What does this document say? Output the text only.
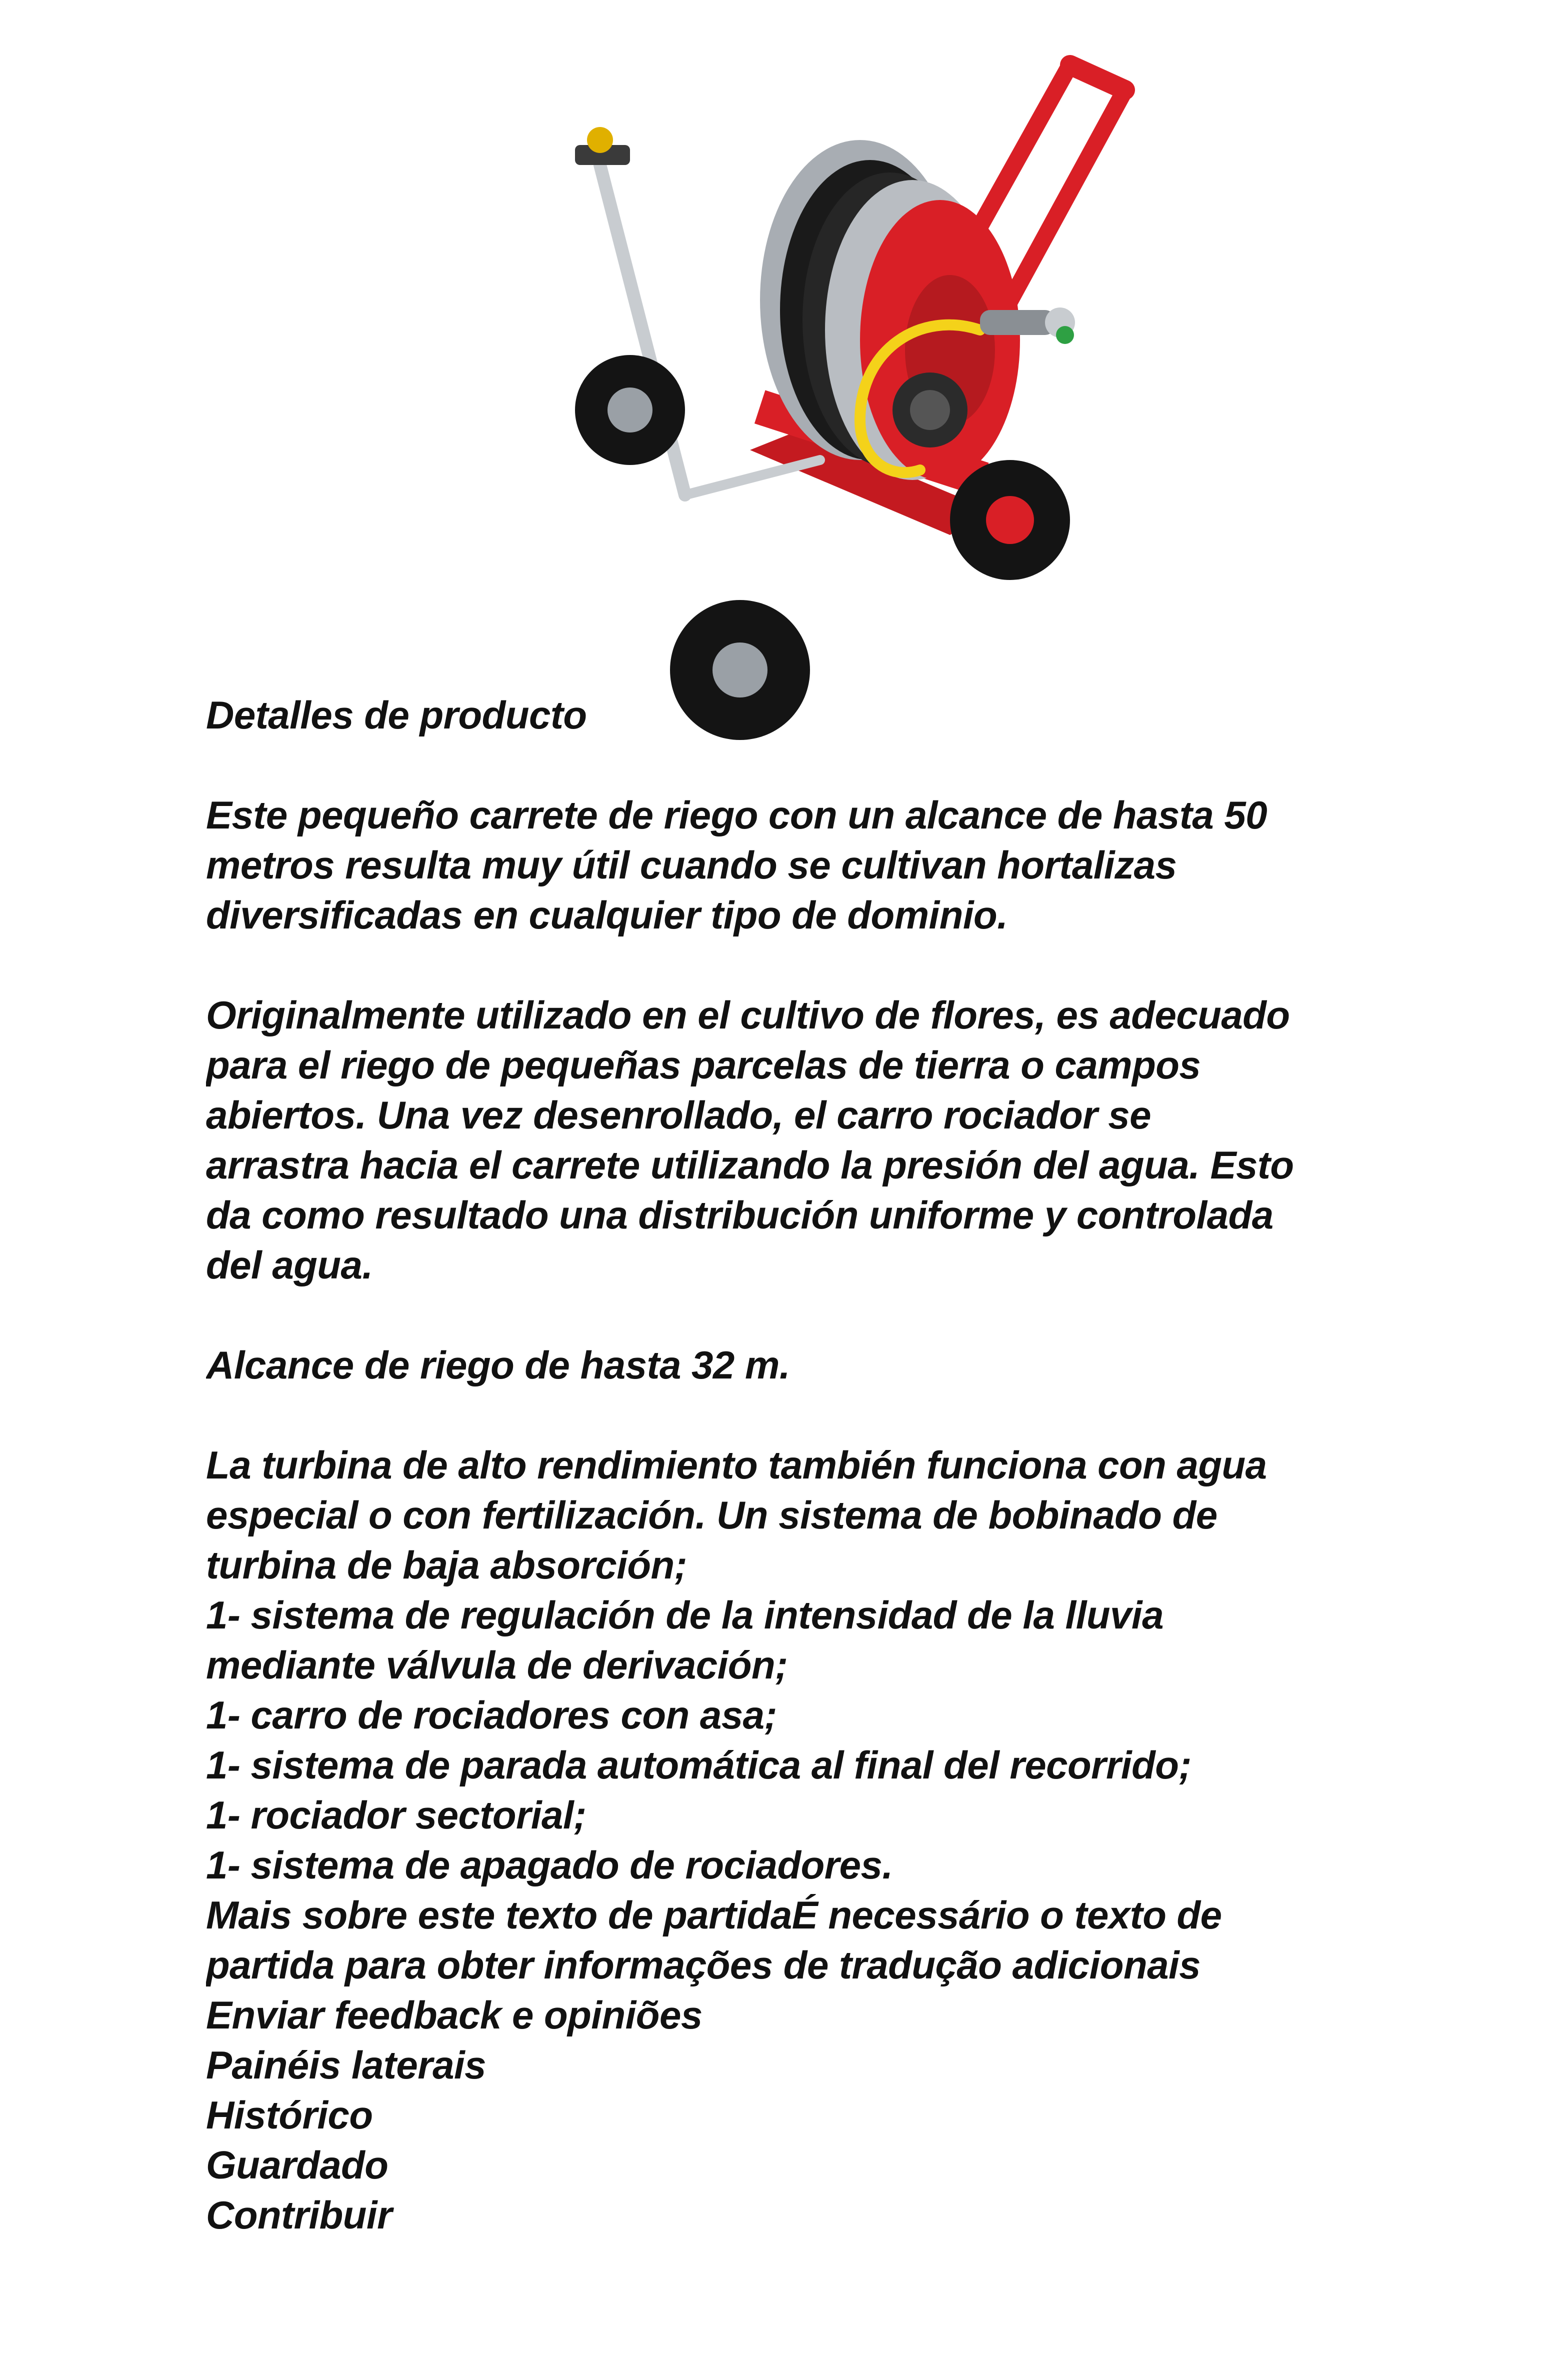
Detalles de producto

Este pequeño carrete de riego con un alcance de hasta 50
metros resulta muy útil cuando se cultivan hortalizas
diversificadas en cualquier tipo de dominio.

Originalmente utilizado en el cultivo de flores, es adecuado
para el riego de pequeñas parcelas de tierra o campos
abiertos. Una vez desenrollado, el carro rociador se
arrastra hacia el carrete utilizando la presión del agua. Esto
da como resultado una distribución uniforme y controlada
del agua.

Alcance de riego de hasta 32 m.

La turbina de alto rendimiento también funciona con agua
especial o con fertilización. Un sistema de bobinado de
turbina de baja absorción;
1- sistema de regulación de la intensidad de la lluvia
mediante válvula de derivación;
1- carro de rociadores con asa;
1- sistema de parada automática al final del recorrido;
1- rociador sectorial;
1- sistema de apagado de rociadores.

Mais sobre este texto de partidaÉ necessário o texto de
partida para obter informações de tradução adicionais
Enviar feedback e opiniões
Painéis laterais
Histórico
Guardado
Contribuir
